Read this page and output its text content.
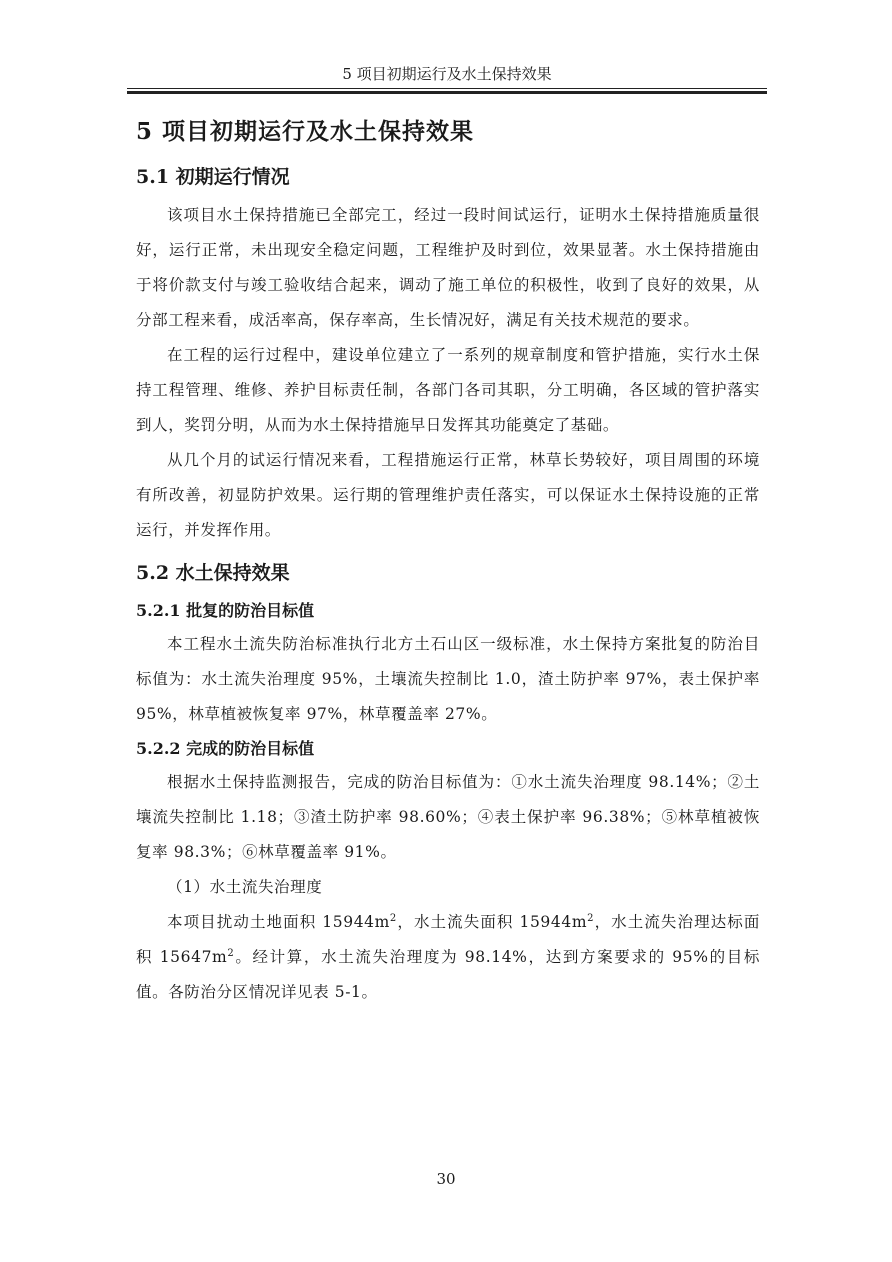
5 项目初期运行及水土保持效果
5 项目初期运行及水土保持效果
5.1 初期运行情况

该项目水土保持措施已全部完工，经过一段时间试运行，证明水土保持措施质量很好，运行正常，未出现安全稳定问题，工程维护及时到位，效果显著。水土保持措施由于将价款支付与竣工验收结合起来，调动了施工单位的积极性，收到了良好的效果，从分部工程来看，成活率高，保存率高，生长情况好，满足有关技术规范的要求。

在工程的运行过程中，建设单位建立了一系列的规章制度和管护措施，实行水土保持工程管理、维修、养护目标责任制，各部门各司其职，分工明确，各区域的管护落实到人，奖罚分明，从而为水土保持措施早日发挥其功能奠定了基础。

从几个月的试运行情况来看，工程措施运行正常，林草长势较好，项目周围的环境有所改善，初显防护效果。运行期的管理维护责任落实，可以保证水土保持设施的正常运行，并发挥作用。

5.2 水土保持效果
5.2.1 批复的防治目标值

本工程水土流失防治标准执行北方土石山区一级标准，水土保持方案批复的防治目标值为：水土流失治理度 95%，土壤流失控制比 1.0，渣土防护率 97%，表土保护率 95%，林草植被恢复率 97%，林草覆盖率 27%。

5.2.2 完成的防治目标值

根据水土保持监测报告，完成的防治目标值为：①水土流失治理度 98.14%；②土壤流失控制比 1.18；③渣土防护率 98.60%；④表土保护率 96.38%；⑤林草植被恢复率 98.3%；⑥林草覆盖率 91%。

（1）水土流失治理度

本项目扰动土地面积 $15944m^2$，水土流失面积 $15944m^2$，水土流失治理达标面积 $15647m^2$。经计算，水土流失治理度为 98.14%，达到方案要求的 95%的目标值。各防治分区情况详见表 5-1。

30
